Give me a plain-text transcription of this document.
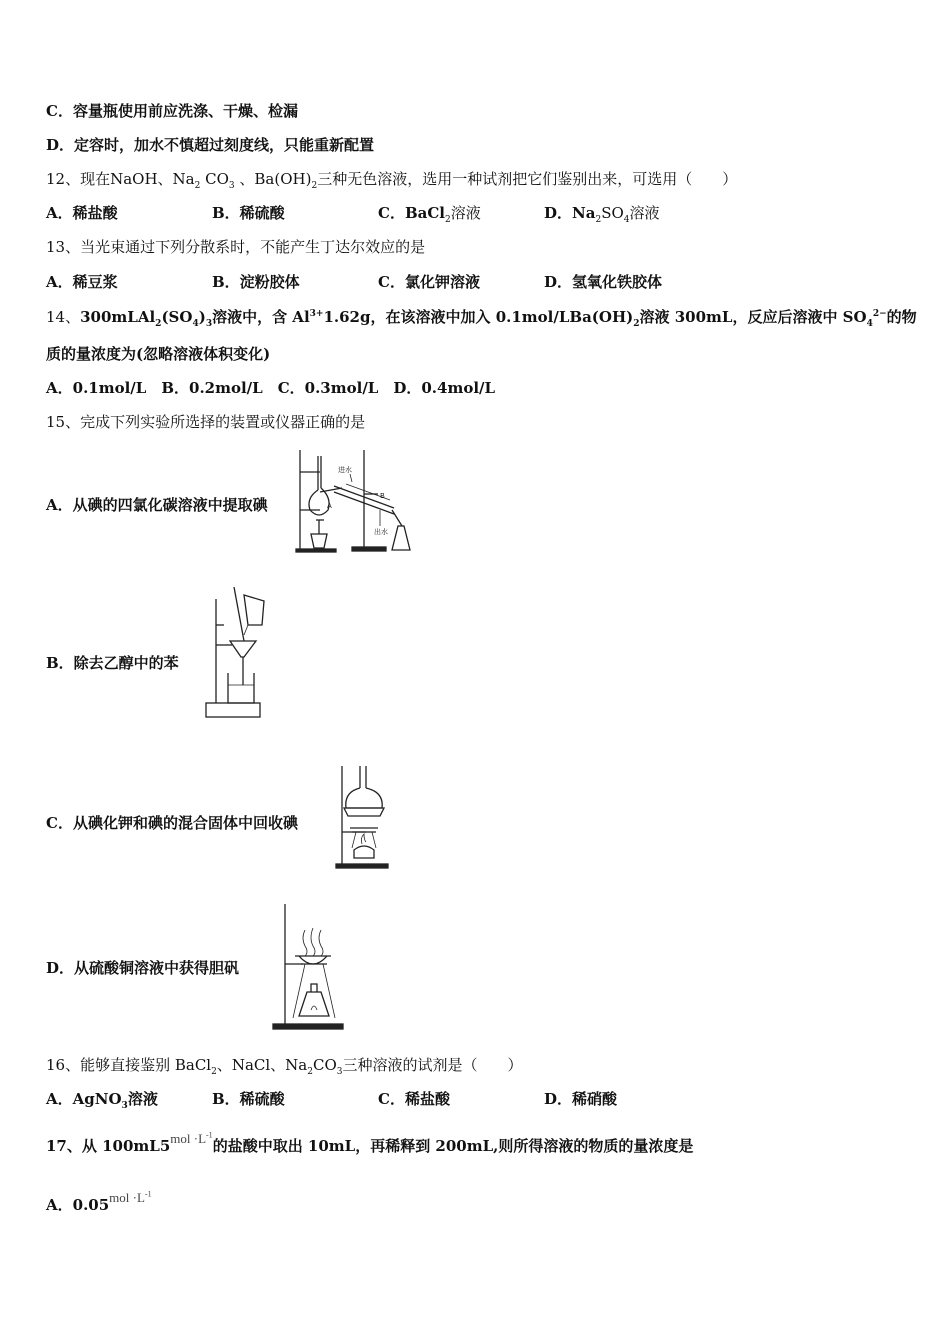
C．容量瓶使用前应洗涤、干燥、检漏
D．定容时，加水不慎超过刻度线，只能重新配置
12、现在NaOH、$Na_2$ $CO_3$ 、$Ba(OH)_2$三种无色溶液，选用一种试剂把它们鉴别出来，可选用（　　）
A．稀盐酸	B．稀硫酸	C．BaCl$_2$溶液	D．$Na_2SO_4$溶液
13、当光束通过下列分散系时，不能产生丁达尔效应的是
A．稀豆浆	B．淀粉胶体	C．氯化钾溶液	D．氢氧化铁胶体
14、$300mLAl_2(SO_4)_3$溶液中，含 $Al^{3+}1.62g$，在该溶液中加入 $0.1mol/LBa(OH)_2$溶液 300mL，反应后溶液中 $SO_4^{2-}$的物
质的量浓度为(忽略溶液体积变化)
A．0.1mol/L　B．0.2mol/L　C．0.3mol/L　D．0.4mol/L
15、完成下列实验所选择的装置或仪器正确的是
A．从碘的四氯化碳溶液中提取碘
B．除去乙醇中的苯
C．从碘化钾和碘的混合固体中回收碘
D．从硫酸铜溶液中获得胆矾
进水
出水
A
B
16、能够直接鉴别 BaCl$_2$、NaCl、$Na_2CO_3$三种溶液的试剂是（　　）
A．AgNO$_3$溶液	B．稀硫酸	C．稀盐酸	D．稀硝酸
17、从 $100mL5mol \cdot L^{-1}$的盐酸中取出 10mL，再稀释到 200mL,则所得溶液的物质的量浓度是
A．$0.05mol \cdot L^{-1}$
